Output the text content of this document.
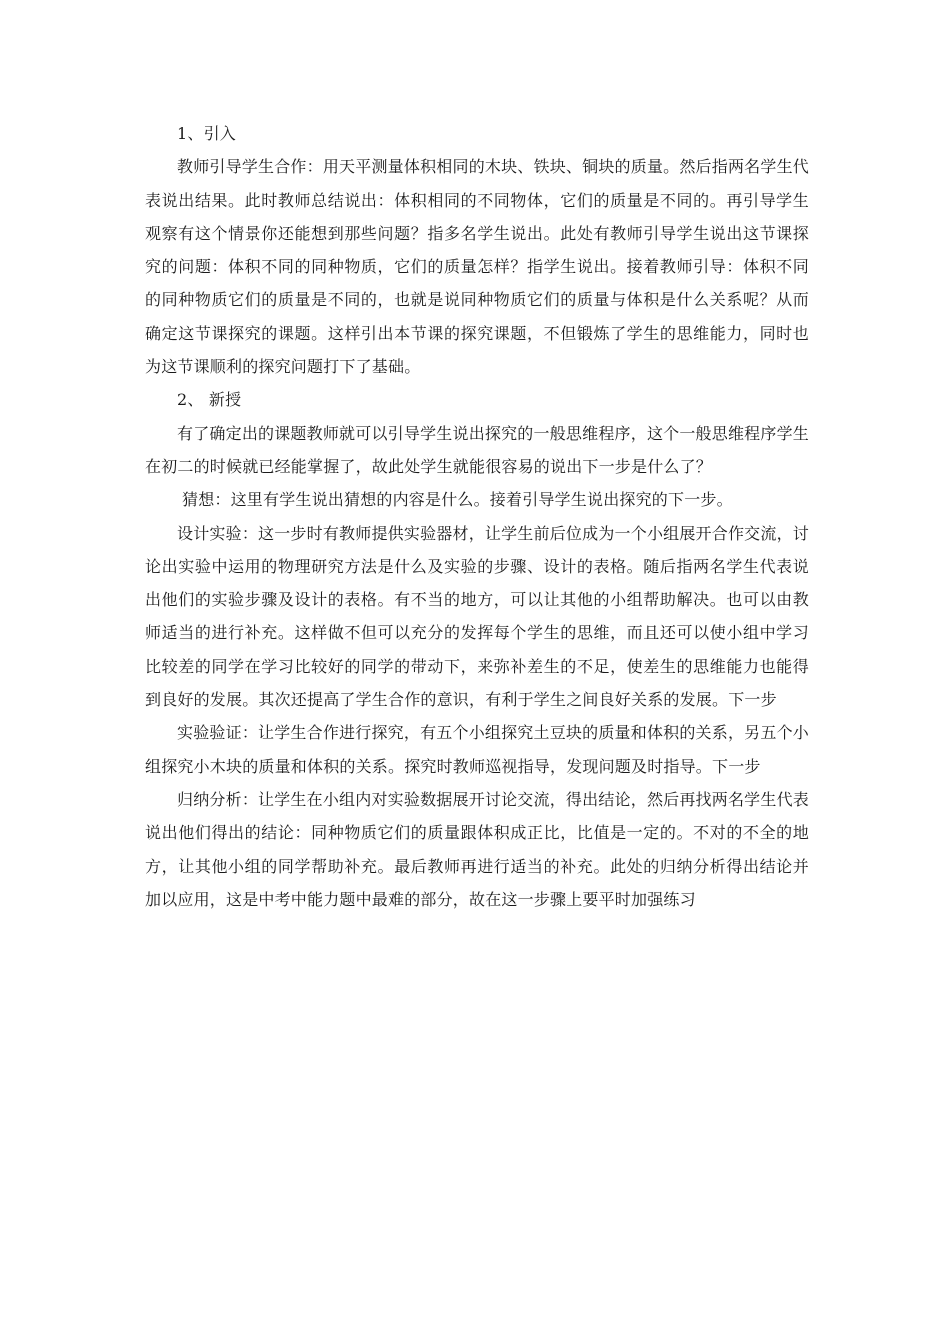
1、引入

教师引导学生合作：用天平测量体积相同的木块、铁块、铜块的质量。然后指两名学生代表说出结果。此时教师总结说出：体积相同的不同物体，它们的质量是不同的。再引导学生观察有这个情景你还能想到那些问题？指多名学生说出。此处有教师引导学生说出这节课探究的问题：体积不同的同种物质，它们的质量怎样？指学生说出。接着教师引导：体积不同的同种物质它们的质量是不同的，也就是说同种物质它们的质量与体积是什么关系呢？从而确定这节课探究的课题。这样引出本节课的探究课题，不但锻炼了学生的思维能力，同时也为这节课顺利的探究问题打下了基础。

2、 新授

有了确定出的课题教师就可以引导学生说出探究的一般思维程序，这个一般思维程序学生在初二的时候就已经能掌握了，故此处学生就能很容易的说出下一步是什么了？

猜想：这里有学生说出猜想的内容是什么。接着引导学生说出探究的下一步。

设计实验：这一步时有教师提供实验器材，让学生前后位成为一个小组展开合作交流，讨论出实验中运用的物理研究方法是什么及实验的步骤、设计的表格。随后指两名学生代表说出他们的实验步骤及设计的表格。有不当的地方，可以让其他的小组帮助解决。也可以由教师适当的进行补充。这样做不但可以充分的发挥每个学生的思维，而且还可以使小组中学习比较差的同学在学习比较好的同学的带动下，来弥补差生的不足，使差生的思维能力也能得到良好的发展。其次还提高了学生合作的意识，有利于学生之间良好关系的发展。下一步

实验验证：让学生合作进行探究，有五个小组探究土豆块的质量和体积的关系，另五个小组探究小木块的质量和体积的关系。探究时教师巡视指导，发现问题及时指导。下一步

归纳分析：让学生在小组内对实验数据展开讨论交流，得出结论，然后再找两名学生代表说出他们得出的结论：同种物质它们的质量跟体积成正比，比值是一定的。不对的不全的地方，让其他小组的同学帮助补充。最后教师再进行适当的补充。此处的归纳分析得出结论并加以应用，这是中考中能力题中最难的部分，故在这一步骤上要平时加强练习
